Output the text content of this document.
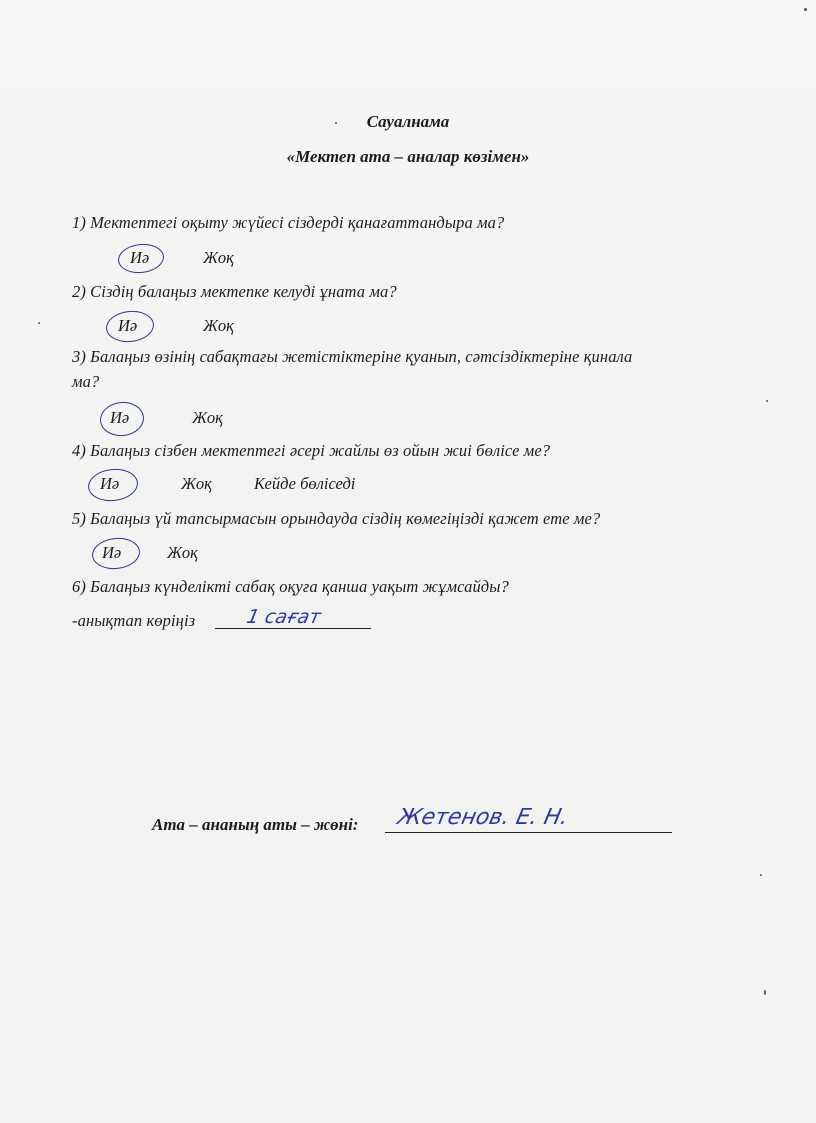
Сауалнама
«Мектеп ата – аналар көзімен»
1) Мектептегі оқыту жүйесі сіздерді қанағаттандыра ма?
Иә	Жоқ
2) Сіздің балаңыз мектепке келуді ұната ма?
Иә	Жоқ
3) Балаңыз өзінің сабақтағы жетістіктеріне қуанып, сәтсіздіктеріне қинала
ма?
Иә	Жоқ
4) Балаңыз сізбен мектептегі әсері жайлы өз ойын жиі бөлісе ме?
Иә	Жоқ	Кейде бөліседі
5) Балаңыз үй тапсырмасын орындауда сіздің көмегіңізді қажет ете ме?
Иә	Жоқ
6) Балаңыз күнделікті сабақ оқуға қанша уақыт жұмсайды?
-анықтап көріңіз	1 сағат
Ата – ананың аты – жөні: Жетенов. Е. Н.
